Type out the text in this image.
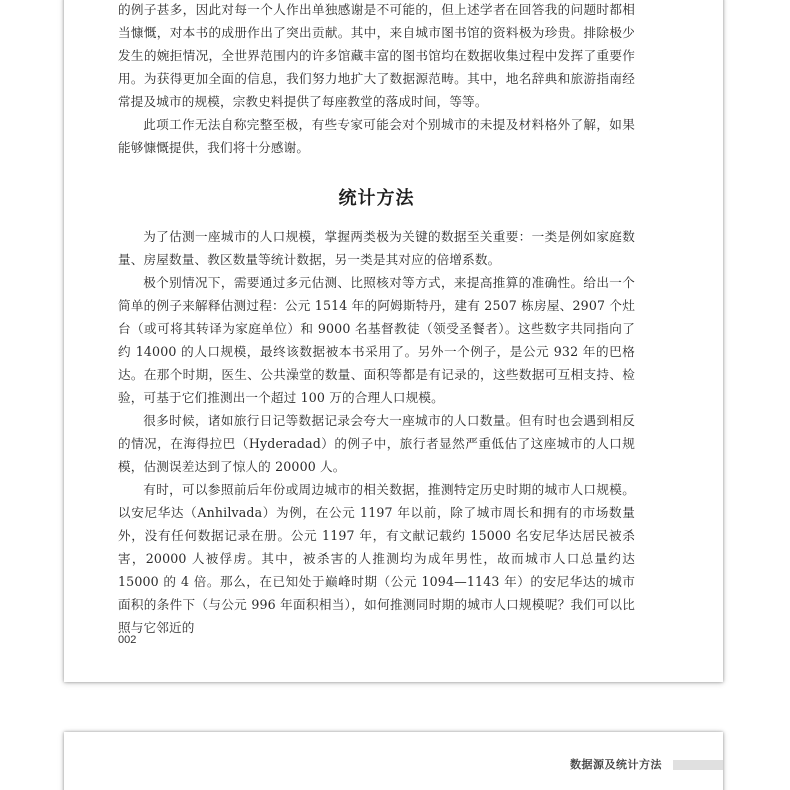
的例子甚多，因此对每一个人作出单独感谢是不可能的，但上述学者在回答我的问题时都相当慷慨，对本书的成册作出了突出贡献。其中，来自城市图书馆的资料极为珍贵。排除极少发生的婉拒情况，全世界范围内的许多馆藏丰富的图书馆均在数据收集过程中发挥了重要作用。为获得更加全面的信息，我们努力地扩大了数据源范畴。其中，地名辞典和旅游指南经常提及城市的规模，宗教史料提供了每座教堂的落成时间，等等。

此项工作无法自称完整至极，有些专家可能会对个别城市的未提及材料格外了解，如果能够慷慨提供，我们将十分感谢。

统计方法

为了估测一座城市的人口规模，掌握两类极为关键的数据至关重要：一类是例如家庭数量、房屋数量、教区数量等统计数据，另一类是其对应的倍增系数。

极个别情况下，需要通过多元估测、比照核对等方式，来提高推算的准确性。给出一个简单的例子来解释估测过程：公元 1514 年的阿姆斯特丹，建有 2507 栋房屋、2907 个灶台（或可将其转译为家庭单位）和 9000 名基督教徒（领受圣餐者）。这些数字共同指向了约 14000 的人口规模，最终该数据被本书采用了。另外一个例子，是公元 932 年的巴格达。在那个时期，医生、公共澡堂的数量、面积等都是有记录的，这些数据可互相支持、检验，可基于它们推测出一个超过 100 万的合理人口规模。

很多时候，诸如旅行日记等数据记录会夸大一座城市的人口数量。但有时也会遇到相反的情况，在海得拉巴（Hyderadad）的例子中，旅行者显然严重低估了这座城市的人口规模，估测误差达到了惊人的 20000 人。

有时，可以参照前后年份或周边城市的相关数据，推测特定历史时期的城市人口规模。以安尼华达（Anhilvada）为例，在公元 1197 年以前，除了城市周长和拥有的市场数量外，没有任何数据记录在册。公元 1197 年，有文献记载约 15000 名安尼华达居民被杀害，20000 人被俘虏。其中，被杀害的人推测均为成年男性，故而城市人口总量约达 15000 的 4 倍。那么，在已知处于巅峰时期（公元 1094—1143 年）的安尼华达的城市面积的条件下（与公元 996 年面积相当），如何推测同时期的城市人口规模呢？我们可以比照与它邻近的

002
数据源及统计方法
